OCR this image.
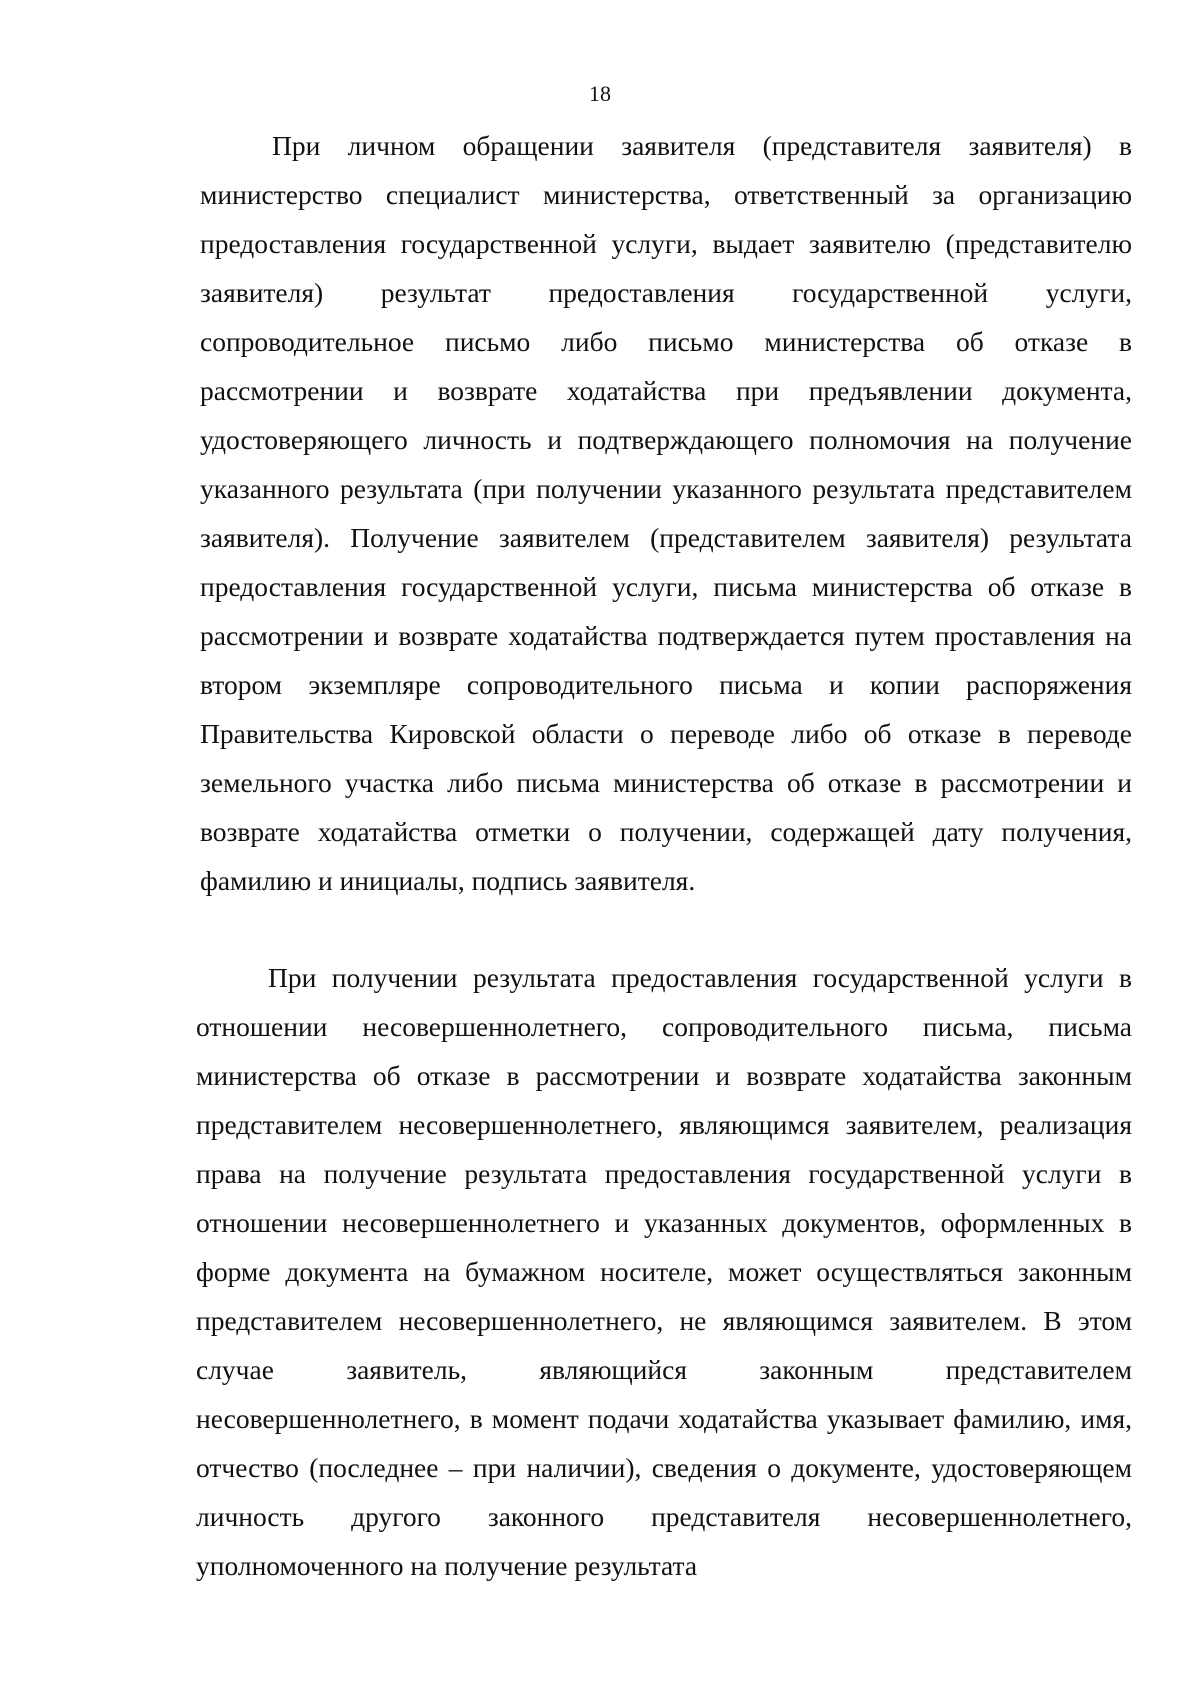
18

При личном обращении заявителя (представителя заявителя) в министерство специалист министерства, ответственный за организацию предоставления государственной услуги, выдает заявителю (представителю заявителя) результат предоставления государственной услуги, сопроводительное письмо либо письмо министерства об отказе в рассмотрении и возврате ходатайства при предъявлении документа, удостоверяющего личность и подтверждающего полномочия на получение указанного результата (при получении указанного результата представителем заявителя). Получение заявителем (представителем заявителя) результата предоставления государственной услуги, письма министерства об отказе в рассмотрении и возврате ходатайства подтверждается путем проставления на втором экземпляре сопроводительного письма и копии распоряжения Правительства Кировской области о переводе либо об отказе в переводе земельного участка либо письма министерства об отказе в рассмотрении и возврате ходатайства отметки о получении, содержащей дату получения, фамилию и инициалы, подпись заявителя.

При получении результата предоставления государственной услуги в отношении несовершеннолетнего, сопроводительного письма, письма министерства об отказе в рассмотрении и возврате ходатайства законным представителем несовершеннолетнего, являющимся заявителем, реализация права на получение результата предоставления государственной услуги в отношении несовершеннолетнего и указанных документов, оформленных в форме документа на бумажном носителе, может осуществляться законным представителем несовершеннолетнего, не являющимся заявителем. В этом случае заявитель, являющийся законным представителем несовершеннолетнего, в момент подачи ходатайства указывает фамилию, имя, отчество (последнее – при наличии), сведения о документе, удостоверяющем личность другого законного представителя несовершеннолетнего, уполномоченного на получение результата
